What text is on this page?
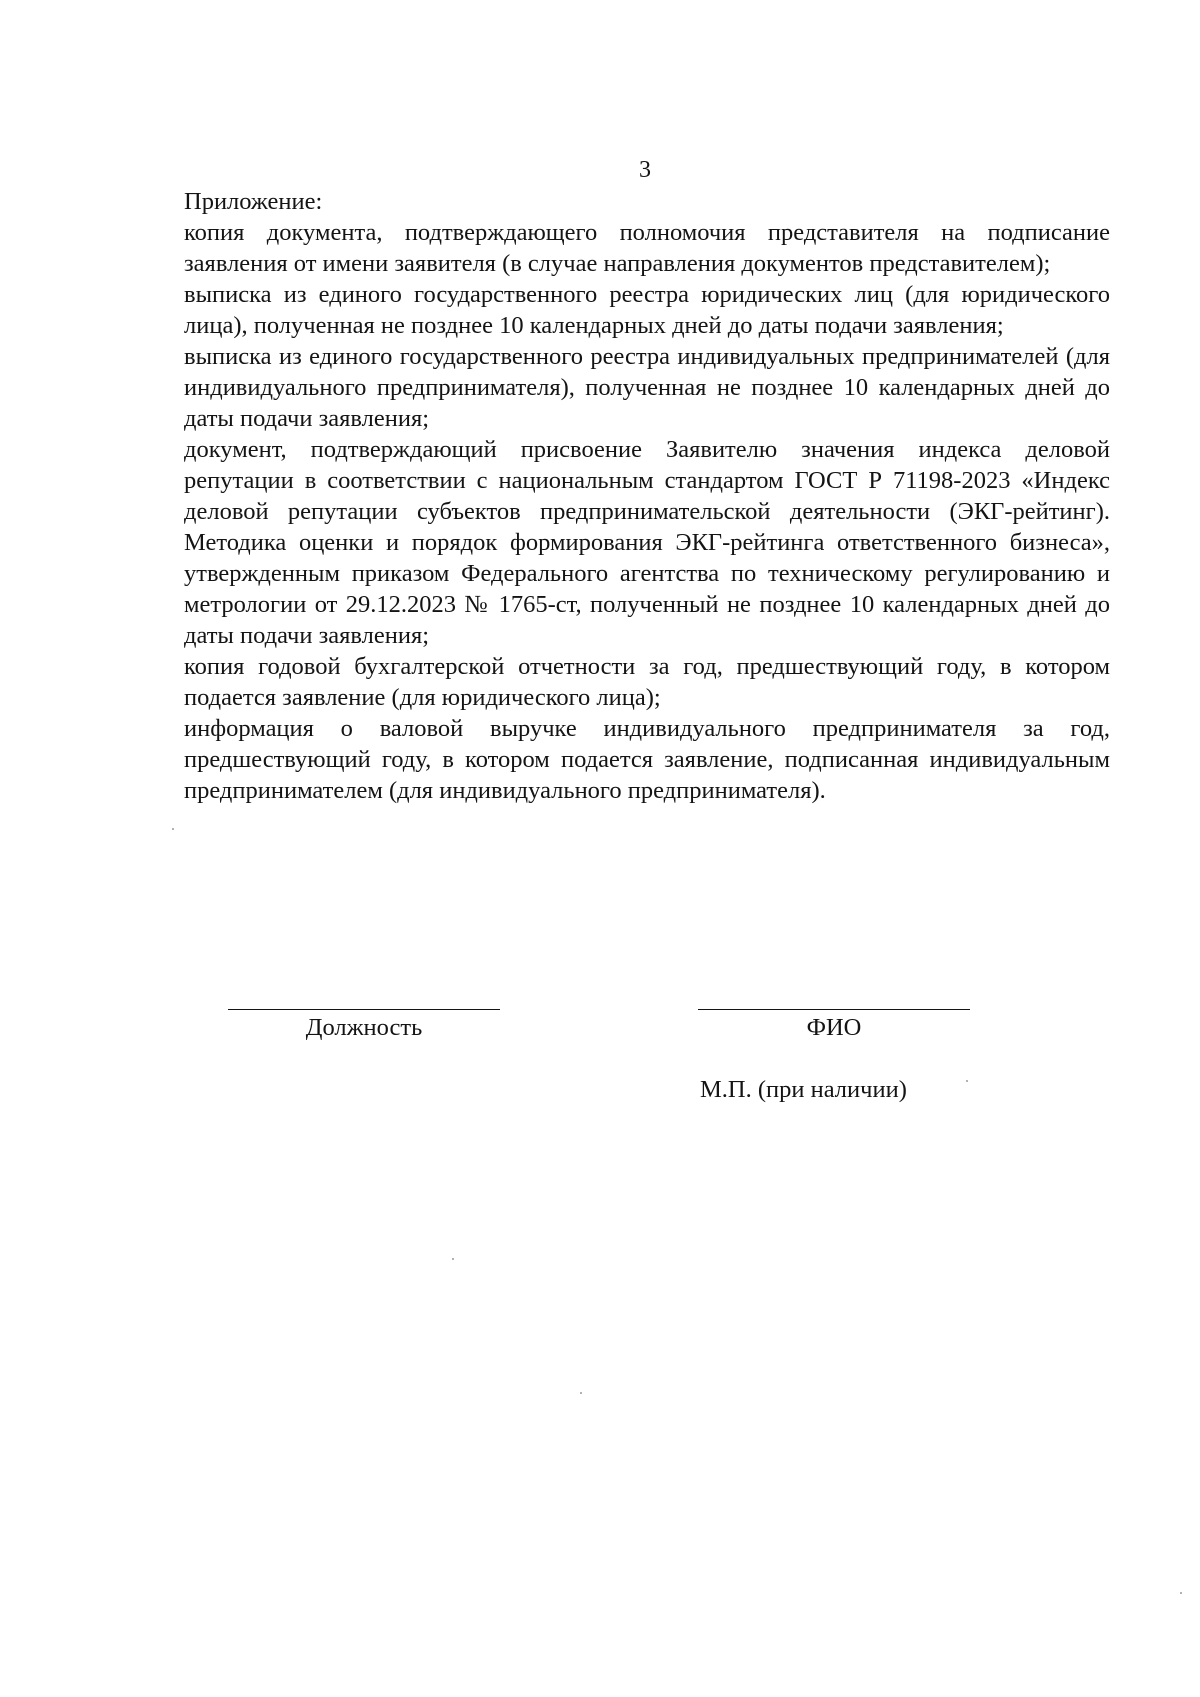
3

Приложение:

копия документа, подтверждающего полномочия представителя на подписание заявления от имени заявителя (в случае направления документов представителем);

выписка из единого государственного реестра юридических лиц (для юридического лица), полученная не позднее 10 календарных дней до даты подачи заявления;

выписка из единого государственного реестра индивидуальных предпринимателей (для индивидуального предпринимателя), полученная не позднее 10 календарных дней до даты подачи заявления;

документ, подтверждающий присвоение Заявителю значения индекса деловой репутации в соответствии с национальным стандартом ГОСТ Р 71198-2023 «Индекс деловой репутации субъектов предпринимательской деятельности (ЭКГ-рейтинг). Методика оценки и порядок формирования ЭКГ-рейтинга ответственного бизнеса», утвержденным приказом Федерального агентства по техническому регулированию и метрологии от 29.12.2023 № 1765-ст, полученный не позднее 10 календарных дней до даты подачи заявления;

копия годовой бухгалтерской отчетности за год, предшествующий году, в котором подается заявление (для юридического лица);

информация о валовой выручке индивидуального предпринимателя за год, предшествующий году, в котором подается заявление, подписанная индивидуальным предпринимателем (для индивидуального предпринимателя).

Должность	ФИО
М.П. (при наличии)
